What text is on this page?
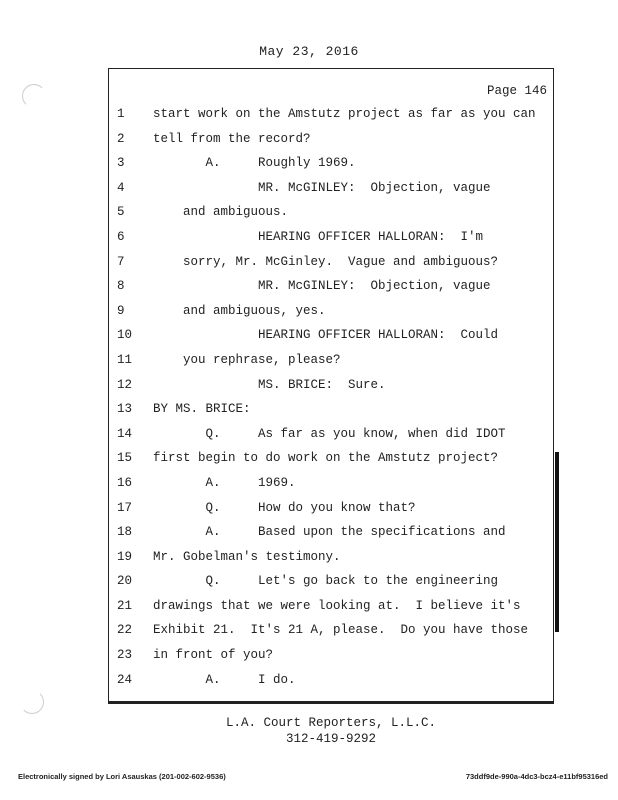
May 23, 2016
Page 146
1	start work on the Amstutz project as far as you can
2	tell from the record?
3	A.     Roughly 1969.
4	MR. McGINLEY:  Objection, vague
5	and ambiguous.
6	HEARING OFFICER HALLORAN:  I'm
7	sorry, Mr. McGinley.  Vague and ambiguous?
8	MR. McGINLEY:  Objection, vague
9	and ambiguous, yes.
10	HEARING OFFICER HALLORAN:  Could
11	you rephrase, please?
12	MS. BRICE:  Sure.
13	BY MS. BRICE:
14	Q.     As far as you know, when did IDOT
15	first begin to do work on the Amstutz project?
16	A.     1969.
17	Q.     How do you know that?
18	A.     Based upon the specifications and
19	Mr. Gobelman's testimony.
20	Q.     Let's go back to the engineering
21	drawings that we were looking at.  I believe it's
22	Exhibit 21.  It's 21 A, please.  Do you have those
23	in front of you?
24	A.     I do.
L.A. Court Reporters, L.L.C.
312-419-9292
Electronically signed by Lori Asauskas (201-002-602-9536)	73ddf9de-990a-4dc3-bcz4-e11bf95316ed
